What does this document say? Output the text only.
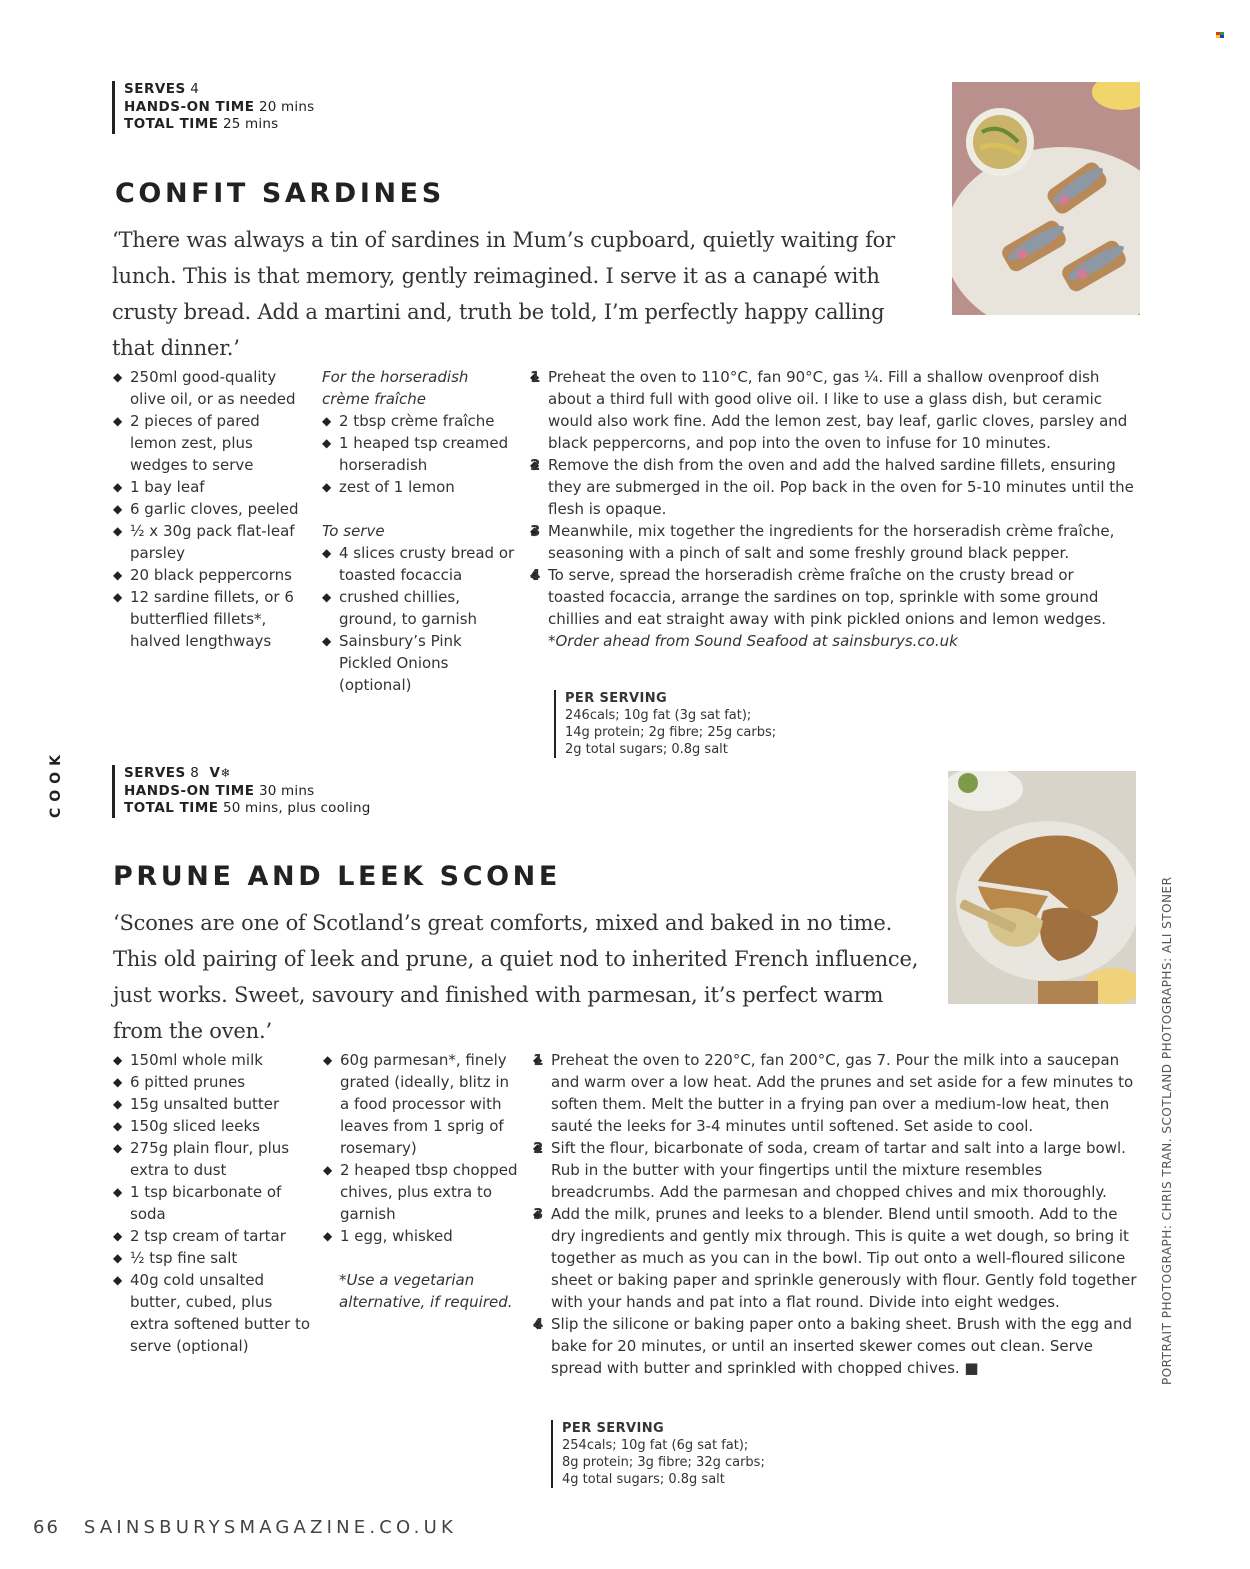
COOK
PORTRAIT PHOTOGRAPH: CHRIS TRAN. SCOTLAND PHOTOGRAPHS: ALI STONER
SERVES 4
HANDS-ON TIME 20 mins
TOTAL TIME 25 mins
CONFIT SARDINES
‘There was always a tin of sardines in Mum’s cupboard, quietly waiting for lunch. This is that memory, gently reimagined. I serve it as a canapé with crusty bread. Add a martini and, truth be told, I’m perfectly happy calling that dinner.’
◆ 250ml good-quality olive oil, or as needed
◆ 2 pieces of pared lemon zest, plus wedges to serve
◆ 1 bay leaf
◆ 6 garlic cloves, peeled
◆ ½ x 30g pack flat-leaf parsley
◆ 20 black peppercorns
◆ 12 sardine fillets, or 6 butterflied fillets*, halved lengthways
For the horseradish crème fraîche
◆ 2 tbsp crème fraîche
◆ 1 heaped tsp creamed horseradish
◆ zest of 1 lemon
To serve
◆ 4 slices crusty bread or toasted focaccia
◆ crushed chillies, ground, to garnish
◆ Sainsbury’s Pink Pickled Onions (optional)
◆ 1 Preheat the oven to 110°C, fan 90°C, gas ¼. Fill a shallow ovenproof dish about a third full with good olive oil. I like to use a glass dish, but ceramic would also work fine. Add the lemon zest, bay leaf, garlic cloves, parsley and black peppercorns, and pop into the oven to infuse for 10 minutes.
◆ 2 Remove the dish from the oven and add the halved sardine fillets, ensuring they are submerged in the oil. Pop back in the oven for 5-10 minutes until the flesh is opaque.
◆ 3 Meanwhile, mix together the ingredients for the horseradish crème fraîche, seasoning with a pinch of salt and some freshly ground black pepper.
◆ 4 To serve, spread the horseradish crème fraîche on the crusty bread or toasted focaccia, arrange the sardines on top, sprinkle with some ground chillies and eat straight away with pink pickled onions and lemon wedges.
*Order ahead from Sound Seafood at sainsburys.co.uk
PER SERVING
246cals; 10g fat (3g sat fat);
14g protein; 2g fibre; 25g carbs;
2g total sugars; 0.8g salt
SERVES 8 V❄
HANDS-ON TIME 30 mins
TOTAL TIME 50 mins, plus cooling
PRUNE AND LEEK SCONE
‘Scones are one of Scotland’s great comforts, mixed and baked in no time. This old pairing of leek and prune, a quiet nod to inherited French influence, just works. Sweet, savoury and finished with parmesan, it’s perfect warm from the oven.’
◆ 150ml whole milk
◆ 6 pitted prunes
◆ 15g unsalted butter
◆ 150g sliced leeks
◆ 275g plain flour, plus extra to dust
◆ 1 tsp bicarbonate of soda
◆ 2 tsp cream of tartar
◆ ½ tsp fine salt
◆ 40g cold unsalted butter, cubed, plus extra softened butter to serve (optional)
◆ 60g parmesan*, finely grated (ideally, blitz in a food processor with leaves from 1 sprig of rosemary)
◆ 2 heaped tbsp chopped chives, plus extra to garnish
◆ 1 egg, whisked
*Use a vegetarian alternative, if required.
◆ 1 Preheat the oven to 220°C, fan 200°C, gas 7. Pour the milk into a saucepan and warm over a low heat. Add the prunes and set aside for a few minutes to soften them. Melt the butter in a frying pan over a medium-low heat, then sauté the leeks for 3-4 minutes until softened. Set aside to cool.
◆ 2 Sift the flour, bicarbonate of soda, cream of tartar and salt into a large bowl. Rub in the butter with your fingertips until the mixture resembles breadcrumbs. Add the parmesan and chopped chives and mix thoroughly.
◆ 3 Add the milk, prunes and leeks to a blender. Blend until smooth. Add to the dry ingredients and gently mix through. This is quite a wet dough, so bring it together as much as you can in the bowl. Tip out onto a well-floured silicone sheet or baking paper and sprinkle generously with flour. Gently fold together with your hands and pat into a flat round. Divide into eight wedges.
◆ 4 Slip the silicone or baking paper onto a baking sheet. Brush with the egg and bake for 20 minutes, or until an inserted skewer comes out clean. Serve spread with butter and sprinkled with chopped chives. ■
PER SERVING
254cals; 10g fat (6g sat fat);
8g protein; 3g fibre; 32g carbs;
4g total sugars; 0.8g salt
66 SAINSBURYSMAGAZINE.CO.UK
